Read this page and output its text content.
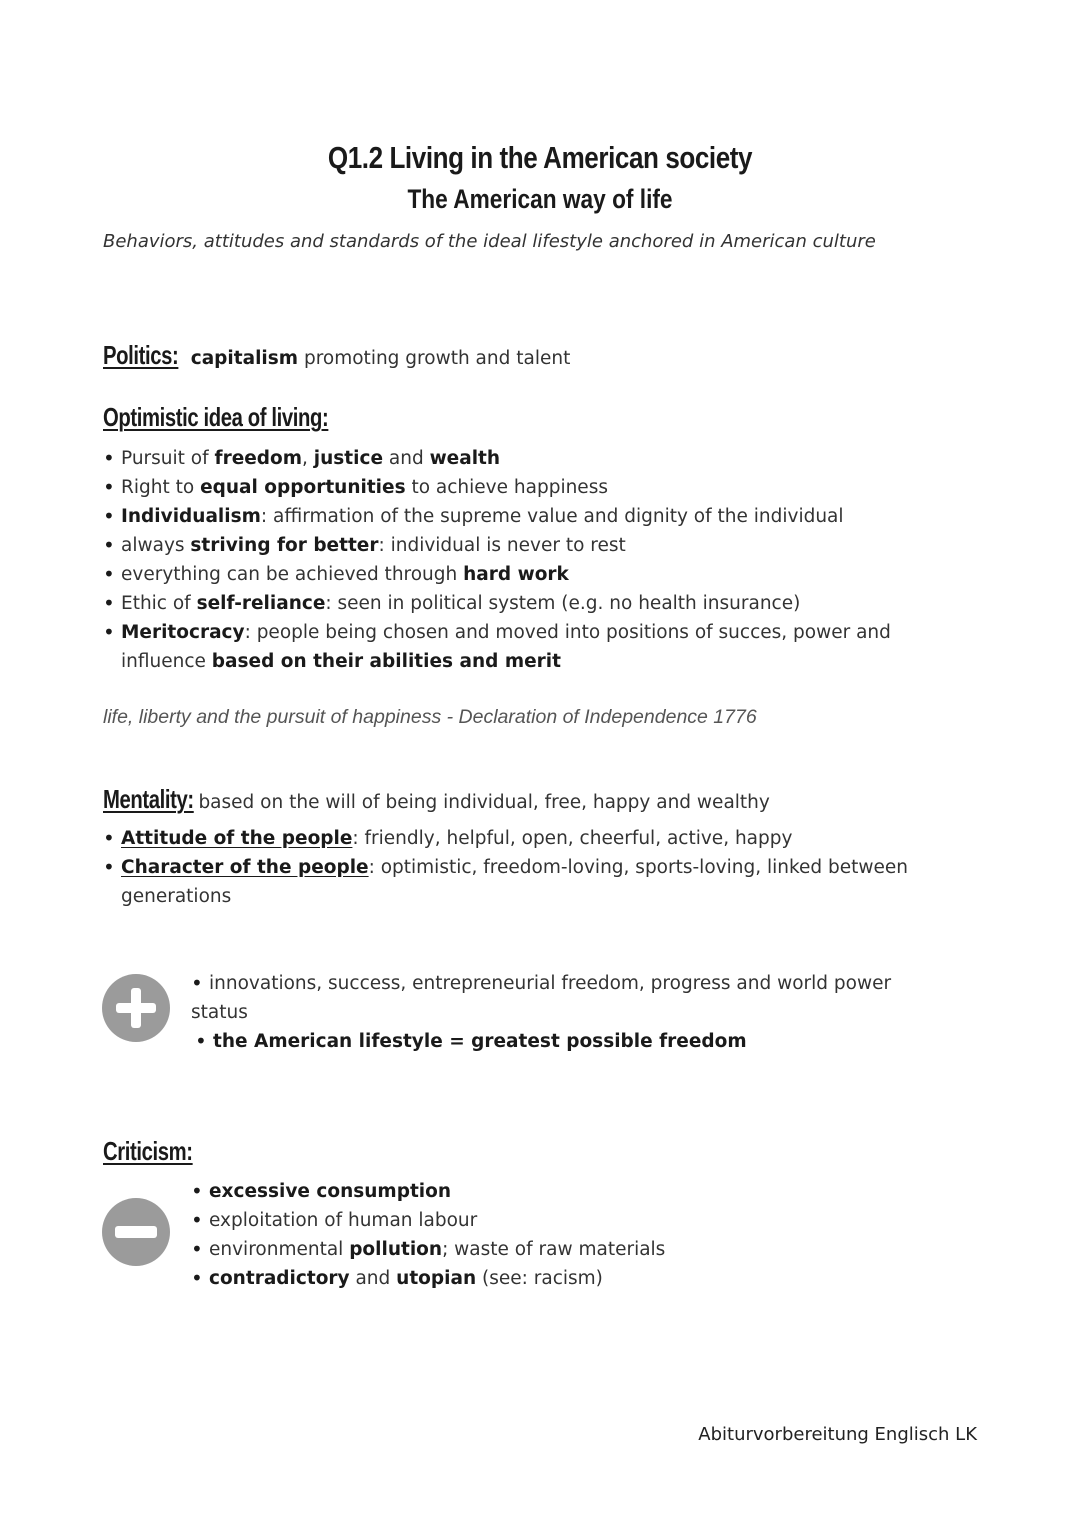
Q1.2 Living in the American society
The American way of life
Behaviors, attitudes and standards of the ideal lifestyle anchored in American culture
Politics: capitalism promoting growth and talent
Optimistic idea of living:
• Pursuit of freedom, justice and wealth
• Right to equal opportunities to achieve happiness
• Individualism: affirmation of the supreme value and dignity of the individual
• always striving for better: individual is never to rest
• everything can be achieved through hard work
• Ethic of self-reliance: seen in political system (e.g. no health insurance)
• Meritocracy: people being chosen and moved into positions of succes, power and
influence based on their abilities and merit
life, liberty and the pursuit of happiness - Declaration of Independence 1776
Mentality: based on the will of being individual, free, happy and wealthy
• Attitude of the people: friendly, helpful, open, cheerful, active, happy
• Character of the people: optimistic, freedom-loving, sports-loving, linked between
generations
• innovations, success, entrepreneurial freedom, progress and world power
status
• the American lifestyle = greatest possible freedom
Criticism:
• excessive consumption
• exploitation of human labour
• environmental pollution; waste of raw materials
• contradictory and utopian (see: racism)
Abiturvorbereitung Englisch LK
